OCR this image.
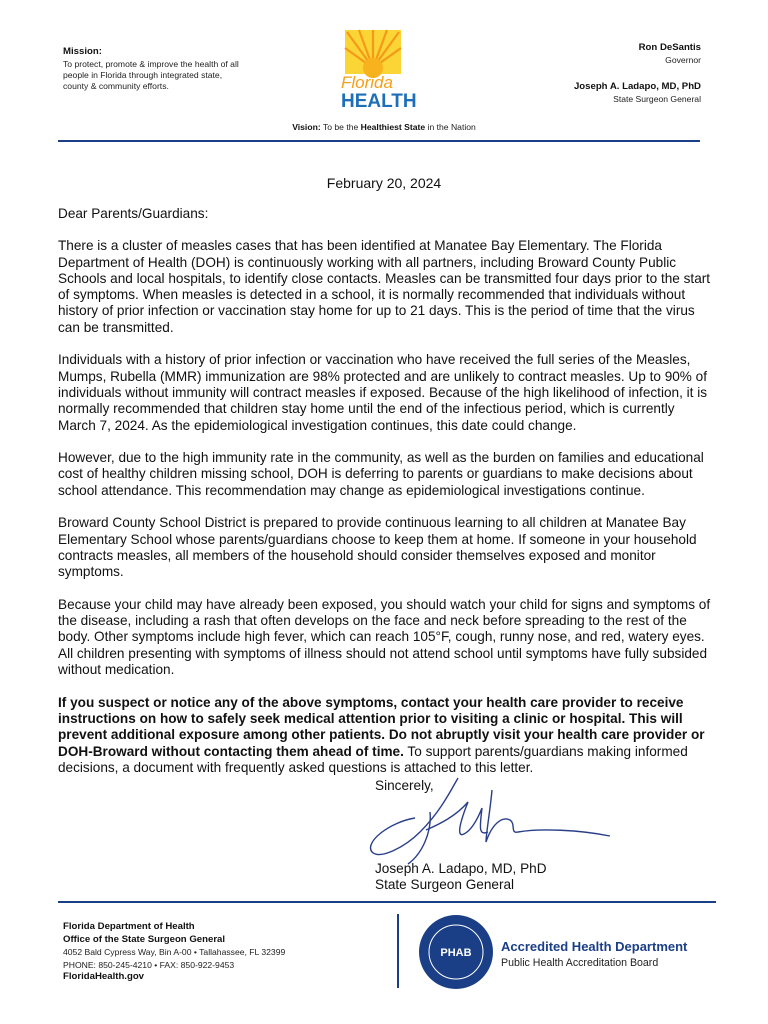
Mission:
To protect, promote & improve the health of all people in Florida through integrated state, county & community efforts.	Florida
HEALTH
Ron DeSantis
Governor
Joseph A. Ladapo, MD, PhD
State Surgeon General
Vision: To be the Healthiest State in the Nation
February 20, 2024

Dear Parents/Guardians:

There is a cluster of measles cases that has been identified at Manatee Bay Elementary. The Florida Department of Health (DOH) is continuously working with all partners, including Broward County Public Schools and local hospitals, to identify close contacts. Measles can be transmitted four days prior to the start of symptoms. When measles is detected in a school, it is normally recommended that individuals without history of prior infection or vaccination stay home for up to 21 days. This is the period of time that the virus can be transmitted.

Individuals with a history of prior infection or vaccination who have received the full series of the Measles, Mumps, Rubella (MMR) immunization are 98% protected and are unlikely to contract measles. Up to 90% of individuals without immunity will contract measles if exposed. Because of the high likelihood of infection, it is normally recommended that children stay home until the end of the infectious period, which is currently March 7, 2024. As the epidemiological investigation continues, this date could change.

However, due to the high immunity rate in the community, as well as the burden on families and educational cost of healthy children missing school, DOH is deferring to parents or guardians to make decisions about school attendance. This recommendation may change as epidemiological investigations continue.

Broward County School District is prepared to provide continuous learning to all children at Manatee Bay Elementary School whose parents/guardians choose to keep them at home. If someone in your household contracts measles, all members of the household should consider themselves exposed and monitor symptoms.

Because your child may have already been exposed, you should watch your child for signs and symptoms of the disease, including a rash that often develops on the face and neck before spreading to the rest of the body. Other symptoms include high fever, which can reach 105°F, cough, runny nose, and red, watery eyes. All children presenting with symptoms of illness should not attend school until symptoms have fully subsided without medication.

If you suspect or notice any of the above symptoms, contact your health care provider to receive instructions on how to safely seek medical attention prior to visiting a clinic or hospital. This will prevent additional exposure among other patients. Do not abruptly visit your health care provider or DOH-Broward without contacting them ahead of time. To support parents/guardians making informed decisions, a document with frequently asked questions is attached to this letter.

Sincerely,
Joseph A. Ladapo, MD, PhD
State Surgeon General
Florida Department of Health
Office of the State Surgeon General
4052 Bald Cypress Way, Bin A-00 • Tallahassee, FL 32399
PHONE: 850-245-4210 • FAX: 850-922-9453
FloridaHealth.gov
PHAB Accredited Health Department
Public Health Accreditation Board
